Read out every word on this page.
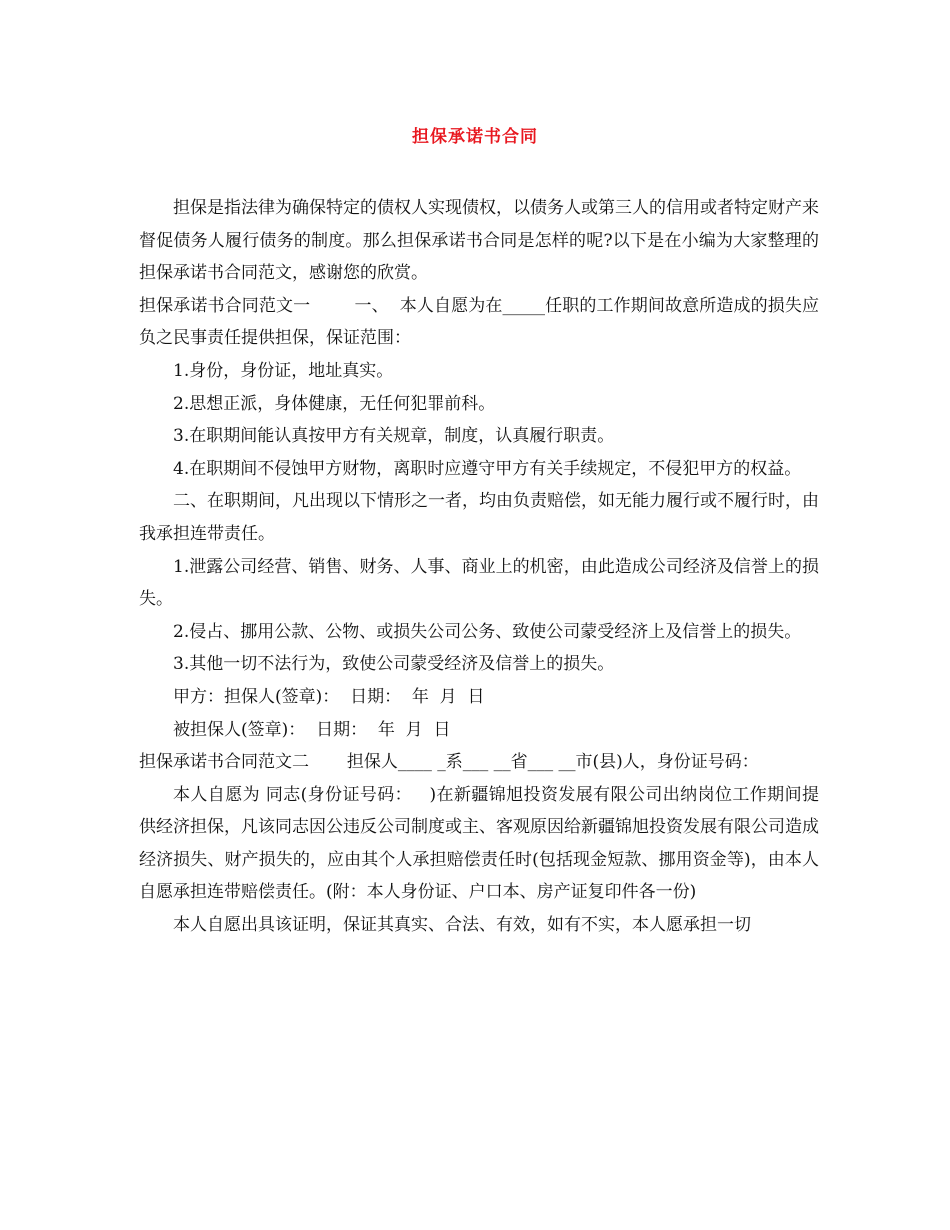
担保承诺书合同

担保是指法律为确保特定的债权人实现债权，以债务人或第三人的信用或者特定财产来督促债务人履行债务的制度。那么担保承诺书合同是怎样的呢?以下是在小编为大家整理的担保承诺书合同范文，感谢您的欣赏。

担保承诺书合同范文一        一、  本人自愿为在_____任职的工作期间故意所造成的损失应负之民事责任提供担保，保证范围：

1.身份，身份证，地址真实。

2.思想正派，身体健康，无任何犯罪前科。

3.在职期间能认真按甲方有关规章，制度，认真履行职责。

4.在职期间不侵蚀甲方财物，离职时应遵守甲方有关手续规定，不侵犯甲方的权益。

二、在职期间，凡出现以下情形之一者，均由负责赔偿，如无能力履行或不履行时，由我承担连带责任。

1.泄露公司经营、销售、财务、人事、商业上的机密，由此造成公司经济及信誉上的损失。

2.侵占、挪用公款、公物、或损失公司公务、致使公司蒙受经济上及信誉上的损失。

3.其他一切不法行为，致使公司蒙受经济及信誉上的损失。

甲方：担保人(签章)：  日期：  年  月  日

被担保人(签章)：  日期：  年  月  日

担保承诺书合同范文二       担保人____ _系___ __省___ __市(县)人，身份证号码：

本人自愿为 同志(身份证号码：   )在新疆锦旭投资发展有限公司出纳岗位工作期间提供经济担保，凡该同志因公违反公司制度或主、客观原因给新疆锦旭投资发展有限公司造成经济损失、财产损失的，应由其个人承担赔偿责任时(包括现金短款、挪用资金等)，由本人自愿承担连带赔偿责任。(附：本人身份证、户口本、房产证复印件各一份)

本人自愿出具该证明，保证其真实、合法、有效，如有不实，本人愿承担一切
